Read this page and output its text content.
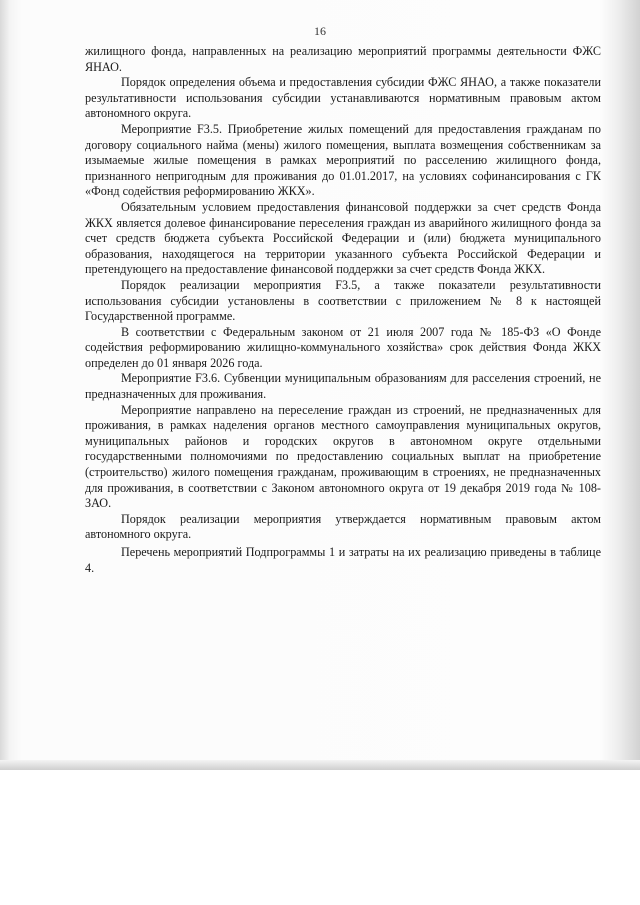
16

жилищного фонда, направленных на реализацию мероприятий программы деятельности ФЖС ЯНАО.

Порядок определения объема и предоставления субсидии ФЖС ЯНАО, а также показатели результативности использования субсидии устанавливаются нормативным правовым актом автономного округа.

Мероприятие F3.5. Приобретение жилых помещений для предоставления гражданам по договору социального найма (мены) жилого помещения, выплата возмещения собственникам за изымаемые жилые помещения в рамках мероприятий по расселению жилищного фонда, признанного непригодным для проживания до 01.01.2017, на условиях софинансирования с ГК «Фонд содействия реформированию ЖКХ».

Обязательным условием предоставления финансовой поддержки за счет средств Фонда ЖКХ является долевое финансирование переселения граждан из аварийного жилищного фонда за счет средств бюджета субъекта Российской Федерации и (или) бюджета муниципального образования, находящегося на территории указанного субъекта Российской Федерации и претендующего на предоставление финансовой поддержки за счет средств Фонда ЖКХ.

Порядок реализации мероприятия F3.5, а также показатели результативности использования субсидии установлены в соответствии с приложением № 8 к настоящей Государственной программе.

В соответствии с Федеральным законом от 21 июля 2007 года № 185-ФЗ «О Фонде содействия реформированию жилищно-коммунального хозяйства» срок действия Фонда ЖКХ определен до 01 января 2026 года.

Мероприятие F3.6. Субвенции муниципальным образованиям для расселения строений, не предназначенных для проживания.

Мероприятие направлено на переселение граждан из строений, не предназначенных для проживания, в рамках наделения органов местного самоуправления муниципальных округов, муниципальных районов и городских округов в автономном округе отдельными государственными полномочиями по предоставлению социальных выплат на приобретение (строительство) жилого помещения гражданам, проживающим в строениях, не предназначенных для проживания, в соответствии с Законом автономного округа от 19 декабря 2019 года № 108-ЗАО.

Порядок реализации мероприятия утверждается нормативным правовым актом автономного округа.

Перечень мероприятий Подпрограммы 1 и затраты на их реализацию приведены в таблице 4.
